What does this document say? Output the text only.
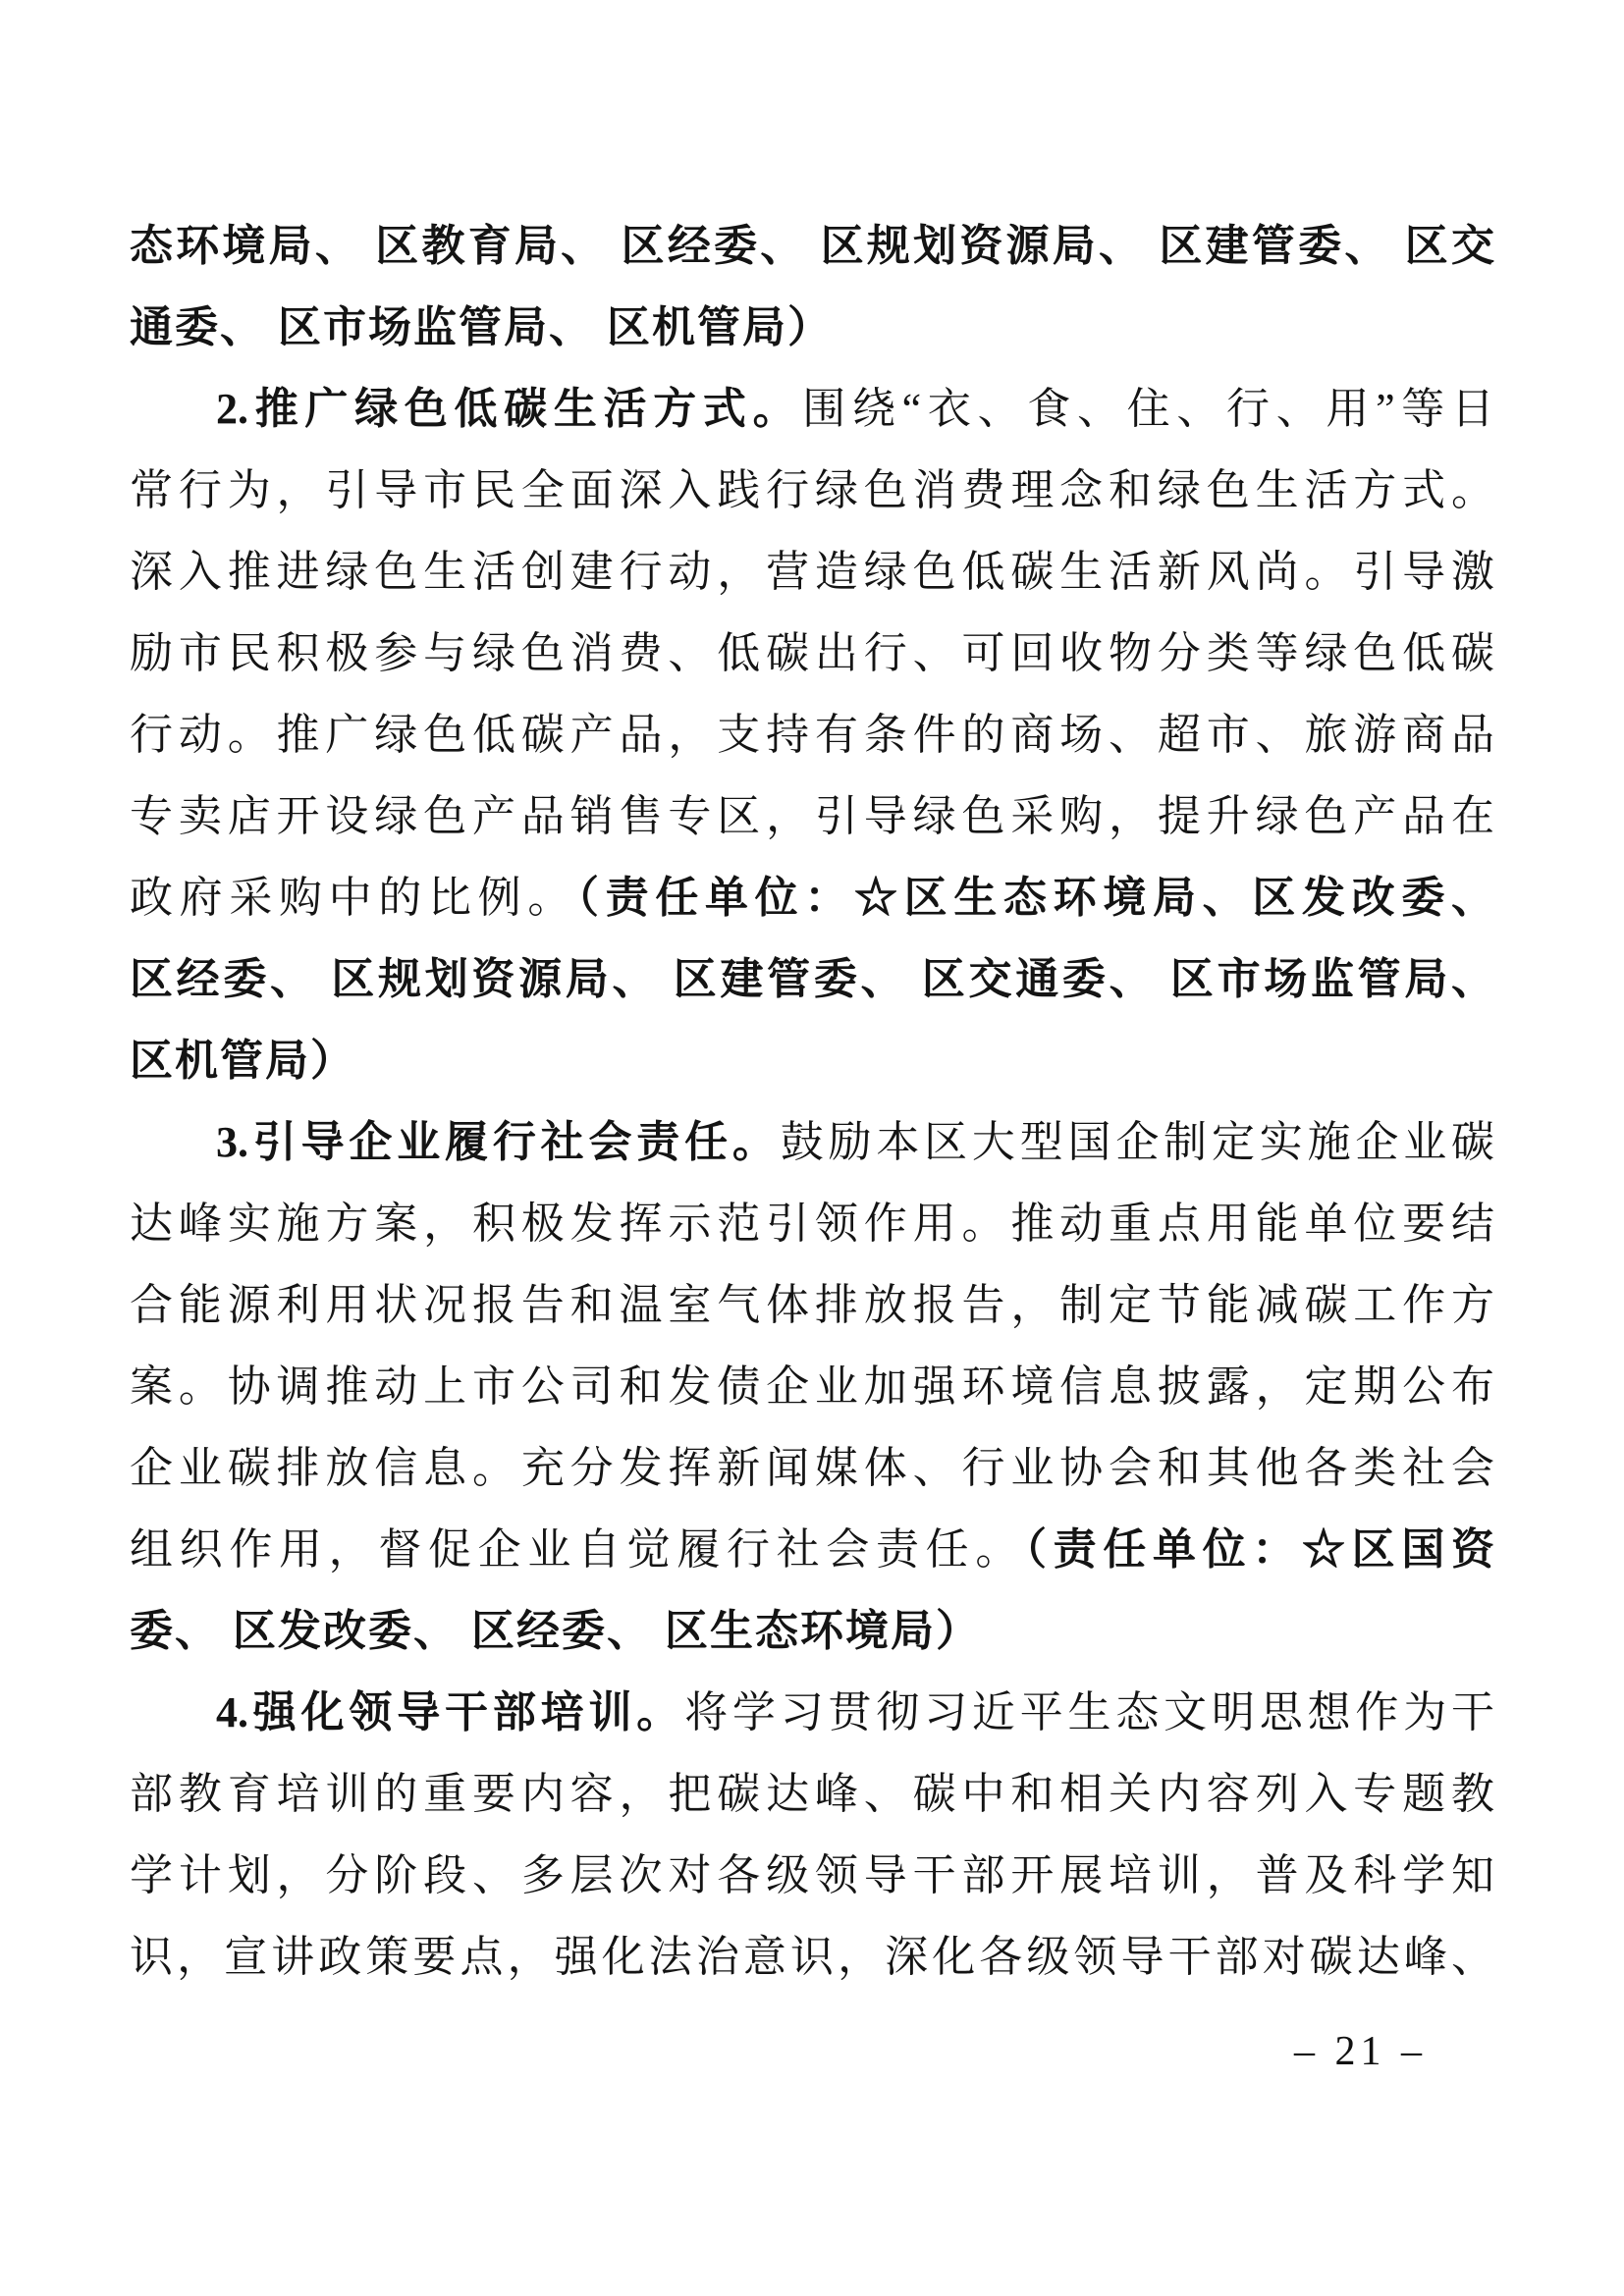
态环境局、 区教育局、 区经委、 区规划资源局、 区建管委、 区交
通委、 区市场监管局、 区机管局）
2.推广绿色低碳生活方式。围绕“衣、食、住、行、用”等日
常行为，引导市民全面深入践行绿色消费理念和绿色生活方式。
深入推进绿色生活创建行动，营造绿色低碳生活新风尚。引导激
励市民积极参与绿色消费、低碳出行、可回收物分类等绿色低碳
行动。推广绿色低碳产品，支持有条件的商场、超市、旅游商品
专卖店开设绿色产品销售专区，引导绿色采购，提升绿色产品在
政府采购中的比例。（责任单位：☆区生态环境局、区发改委、
区经委、 区规划资源局、 区建管委、 区交通委、 区市场监管局、
区机管局）
3.引导企业履行社会责任。鼓励本区大型国企制定实施企业碳
达峰实施方案，积极发挥示范引领作用。推动重点用能单位要结
合能源利用状况报告和温室气体排放报告，制定节能减碳工作方
案。协调推动上市公司和发债企业加强环境信息披露，定期公布
企业碳排放信息。充分发挥新闻媒体、行业协会和其他各类社会
组织作用，督促企业自觉履行社会责任。（责任单位：☆区国资
委、 区发改委、 区经委、 区生态环境局）
4.强化领导干部培训。将学习贯彻习近平生态文明思想作为干
部教育培训的重要内容，把碳达峰、碳中和相关内容列入专题教
学计划，分阶段、多层次对各级领导干部开展培训，普及科学知
识，宣讲政策要点，强化法治意识，深化各级领导干部对碳达峰、
– 21 –
